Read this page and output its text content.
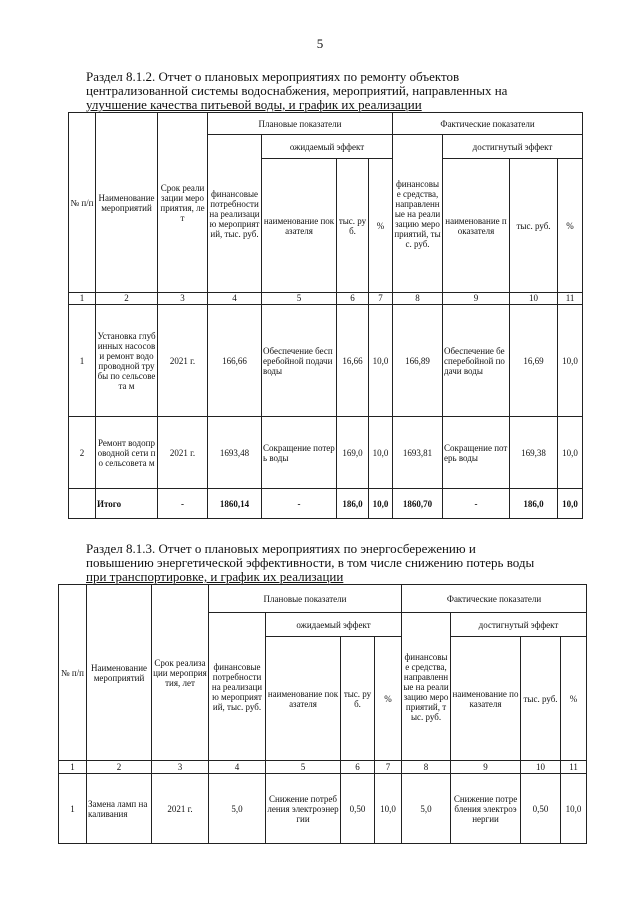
5
Раздел 8.1.2. Отчет о плановых мероприятиях по ремонту объектов
централизованной системы водоснабжения, мероприятий, направленных на
улучшение качества питьевой воды, и график их реализации
№ п/п	Наименование мероприятий	Срок реализации мероприятия, лет	Плановые показатели				Фактические показатели			
			финансовые потребности на реализацию мероприятий, тыс. руб.	ожидаемый эффект			финансовые средства, направленные на реализацию мероприятий, тыс. руб.	достигнутый эффект		
				наименование показателя	тыс. руб.	%		наименование показателя	тыс. руб.	%
1	2	3	4	5	6	7	8	9	10	11
1	Установка глубинных насосов и ремонт водопроводной трубы по сельсовета м	2021 г.	166,66	Обеспечение бесперебойной подачи воды	16,66	10,0	166,89	Обеспечение бесперебойной подачи воды	16,69	10,0
2	Ремонт водопроводной сети по сельсовета м	2021 г.	1693,48	Сокращение потерь воды	169,0	10,0	1693,81	Сокращение потерь воды	169,38	10,0
	Итого	-	1860,14	-	186,0	10,0	1860,70	-	186,0	10,0
Раздел 8.1.3. Отчет о плановых мероприятиях по энергосбережению и
повышению энергетической эффективности, в том числе снижению потерь воды
при транспортировке, и график их реализации
№ п/п	Наименование мероприятий	Срок реализации мероприятия, лет	Плановые показатели				Фактические показатели			
			финансовые потребности на реализацию мероприятий, тыс. руб.	ожидаемый эффект			финансовые средства, направленные на реализацию мероприятий, тыс. руб.	достигнутый эффект		
				наименование показателя	тыс. руб.	%		наименование показателя	тыс. руб.	%
1	2	3	4	5	6	7	8	9	10	11
1	Замена ламп накаливания	2021 г.	5,0	Снижение потребления электроэнергии	0,50	10,0	5,0	Снижение потребления электроэнергии	0,50	10,0
